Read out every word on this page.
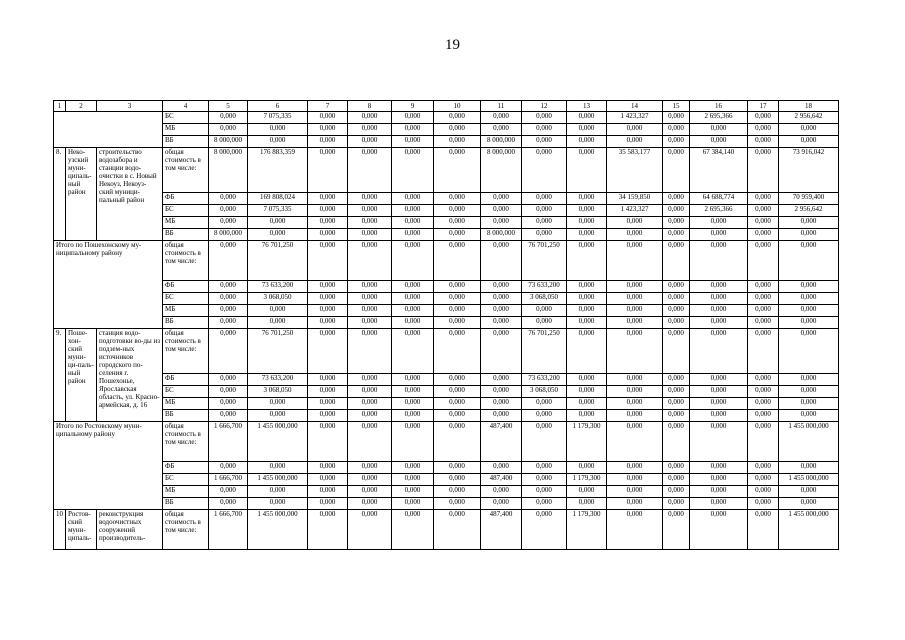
19
1	2	3	4	5	6	7	8	9	10	11	12	13	14	15	16	17	18
			БС	0,000	7 075,335	0,000	0,000	0,000	0,000	0,000	0,000	0,000	1 423,327	0,000	2 695,366	0,000	2 956,642
			МБ	0,000	0,000	0,000	0,000	0,000	0,000	0,000	0,000	0,000	0,000	0,000	0,000	0,000	0,000
			ВБ	8 000,000	0,000	0,000	0,000	0,000	0,000	8 000,000	0,000	0,000	0,000	0,000	0,000	0,000	0,000
8.	Неко-узский муни-ципаль-ный район	строительство водозабора и станции водо-очистки в с. Новый Некоуз, Некоуз-ский муници-пальный район	общая стоимость в том числе:	8 000,000	176 883,359	0,000	0,000	0,000	0,000	8 000,000	0,000	0,000	35 583,177	0,000	67 384,140	0,000	73 916,042
			ФБ	0,000	169 808,024	0,000	0,000	0,000	0,000	0,000	0,000	0,000	34 159,850	0,000	64 688,774	0,000	70 959,400
			БС	0,000	7 075,335	0,000	0,000	0,000	0,000	0,000	0,000	0,000	1 423,327	0,000	2 695,366	0,000	2 956,642
			МБ	0,000	0,000	0,000	0,000	0,000	0,000	0,000	0,000	0,000	0,000	0,000	0,000	0,000	0,000
			ВБ	8 000,000	0,000	0,000	0,000	0,000	0,000	8 000,000	0,000	0,000	0,000	0,000	0,000	0,000	0,000
Итого по Пошехонскому му-ниципальному району			общая стоимость в том числе:	0,000	76 701,250	0,000	0,000	0,000	0,000	0,000	76 701,250	0,000	0,000	0,000	0,000	0,000	0,000
			ФБ	0,000	73 633,200	0,000	0,000	0,000	0,000	0,000	73 633,200	0,000	0,000	0,000	0,000	0,000	0,000
			БС	0,000	3 068,050	0,000	0,000	0,000	0,000	0,000	3 068,050	0,000	0,000	0,000	0,000	0,000	0,000
			МБ	0,000	0,000	0,000	0,000	0,000	0,000	0,000	0,000	0,000	0,000	0,000	0,000	0,000	0,000
			ВБ	0,000	0,000	0,000	0,000	0,000	0,000	0,000	0,000	0,000	0,000	0,000	0,000	0,000	0,000
9.	Поше-хон-ский муни-ци-паль-ный район	станция водо-подготовки во-ды из подзем-ных источников городского по-селения г. Пошехонье, Ярославская область, ул. Красно-армейская, д. 16	общая стоимость в том числе:	0,000	76 701,250	0,000	0,000	0,000	0,000	0,000	76 701,250	0,000	0,000	0,000	0,000	0,000	0,000
			ФБ	0,000	73 633,200	0,000	0,000	0,000	0,000	0,000	73 633,200	0,000	0,000	0,000	0,000	0,000	0,000
			БС	0,000	3 068,050	0,000	0,000	0,000	0,000	0,000	3 068,050	0,000	0,000	0,000	0,000	0,000	0,000
			МБ	0,000	0,000	0,000	0,000	0,000	0,000	0,000	0,000	0,000	0,000	0,000	0,000	0,000	0,000
			ВБ	0,000	0,000	0,000	0,000	0,000	0,000	0,000	0,000	0,000	0,000	0,000	0,000	0,000	0,000
Итого по Ростовскому муни-ципальному району			общая стоимость в том числе:	1 666,700	1 455 000,000	0,000	0,000	0,000	0,000	487,400	0,000	1 179,300	0,000	0,000	0,000	0,000	1 455 000,000
			ФБ	0,000	0,000	0,000	0,000	0,000	0,000	0,000	0,000	0,000	0,000	0,000	0,000	0,000	0,000
			БС	1 666,700	1 455 000,000	0,000	0,000	0,000	0,000	487,400	0,000	1 179,300	0,000	0,000	0,000	0,000	1 455 000,000
			МБ	0,000	0,000	0,000	0,000	0,000	0,000	0,000	0,000	0,000	0,000	0,000	0,000	0,000	0,000
			ВБ	0,000	0,000	0,000	0,000	0,000	0,000	0,000	0,000	0,000	0,000	0,000	0,000	0,000	0,000
10	Ростов-ский муни-ципаль-	реконструкция водоочистных сооружений производитель-	общая стоимость в том числе:	1 666,700	1 455 000,000	0,000	0,000	0,000	0,000	487,400	0,000	1 179,300	0,000	0,000	0,000	0,000	1 455 000,000
